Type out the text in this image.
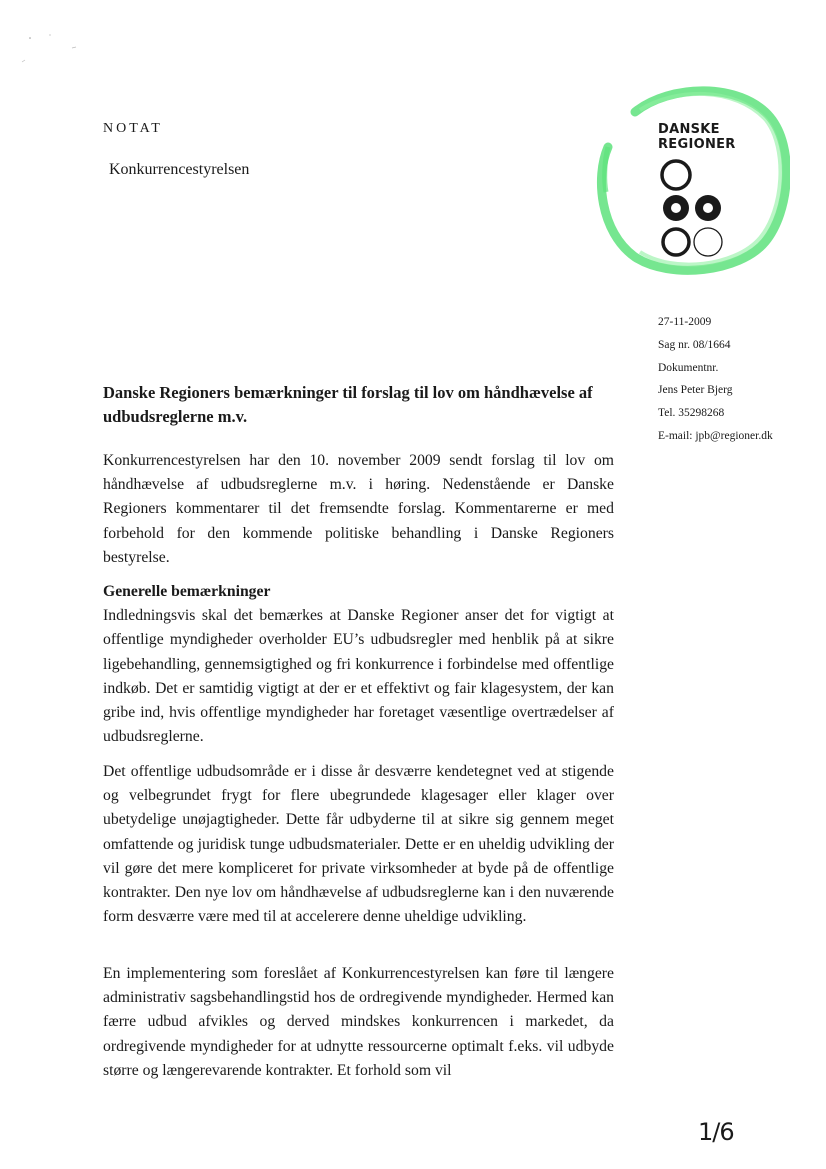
NOTAT
Konkurrencestyrelsen
DANSKE
REGIONER
27-11-2009
Sag nr. 08/1664
Dokumentnr.
Jens Peter Bjerg
Tel. 35298268
E-mail: jpb@regioner.dk
Danske Regioners bemærkninger til forslag til lov om håndhævelse af udbudsreglerne m.v.

Konkurrencestyrelsen har den 10. november 2009 sendt forslag til lov om håndhævelse af udbudsreglerne m.v. i høring. Nedenstående er Danske Regioners kommentarer til det fremsendte forslag. Kommentarerne er med forbehold for den kommende politiske behandling i Danske Regioners bestyrelse.

Generelle bemærkninger

Indledningsvis skal det bemærkes at Danske Regioner anser det for vigtigt at offentlige myndigheder overholder EU’s udbudsregler med henblik på at sikre ligebehandling, gennemsigtighed og fri konkurrence i forbindelse med offentlige indkøb. Det er samtidig vigtigt at der er et effektivt og fair klagesystem, der kan gribe ind, hvis offentlige myndigheder har foretaget væsentlige overtrædelser af udbudsreglerne.

Det offentlige udbudsområde er i disse år desværre kendetegnet ved at stigende og velbegrundet frygt for flere ubegrundede klagesager eller klager over ubetydelige unøjagtigheder. Dette får udbyderne til at sikre sig gennem meget omfattende og juridisk tunge udbudsmaterialer. Dette er en uheldig udvikling der vil gøre det mere kompliceret for private virksomheder at byde på de offentlige kontrakter. Den nye lov om håndhævelse af udbudsreglerne kan i den nuværende form desværre være med til at accelerere denne uheldige udvikling.

En implementering som foreslået af Konkurrencestyrelsen kan føre til længere administrativ sagsbehandlingstid hos de ordregivende myndigheder. Hermed kan færre udbud afvikles og derved mindskes konkurrencen i markedet, da ordregivende myndigheder for at udnytte ressourcerne optimalt f.eks. vil udbyde større og længerevarende kontrakter. Et forhold som vil

1/6
